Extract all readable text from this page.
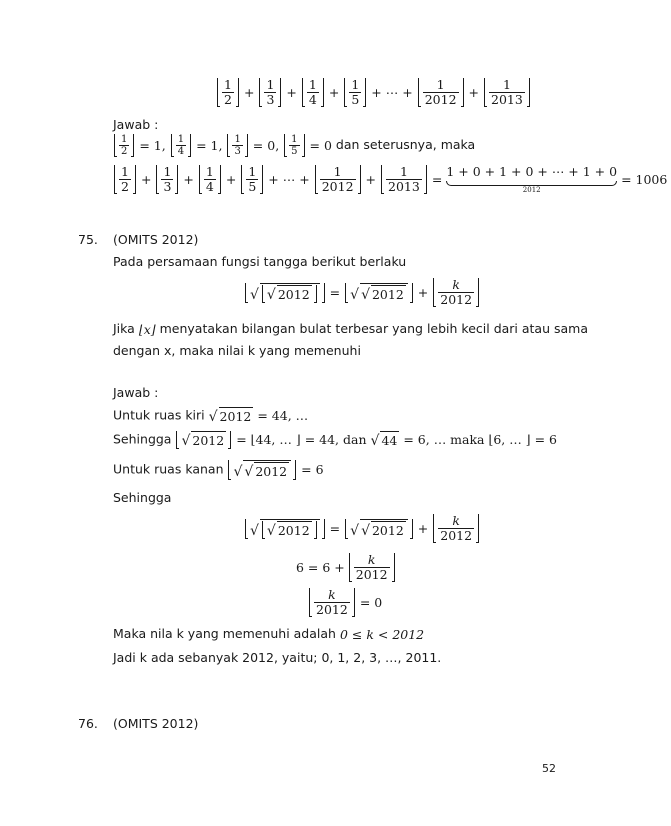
1
2 + 1
3 + 1
4 + 1
5 + ⋯ +	1
2012 +	1
2013
Jawab :
1
2 = 1, 1
4 = 1, 1
3 = 0, 1
5 = 0 dan seterusnya, maka
1
2 + 1
3 + 1
4 + 1
5 + ⋯ +	1
2012 +	1
2013 = 1 + 0 + 1 + 0 + ⋯ + 1 + 0
2012
= 1006
75. (OMITS 2012)
Pada persamaan fungsi tangga berikut berlaku
√ √ 2012	= √ √ 2012	+	k
2012
Jika ⌊x⌋ menyatakan bilangan bulat terbesar yang lebih kecil dari atau sama
dengan x, maka nilai k yang memenuhi
Jawab :
Untuk ruas kiri √ 2012 = 44, …
Sehingga √ 2012 = ⌊44, … ⌋ = 44, dan √ 44 = 6, … maka ⌊6, … ⌋ = 6
Untuk ruas kanan √ √ 2012	= 6
Sehingga
√ √ 2012	= √ √ 2012	+	k
2012
6 = 6 + k
2012
k
2012 = 0
Maka nila k yang memenuhi adalah 0 ≤ k < 2012
Jadi k ada sebanyak 2012, yaitu; 0, 1, 2, 3, …, 2011.
76. (OMITS 2012)
52
